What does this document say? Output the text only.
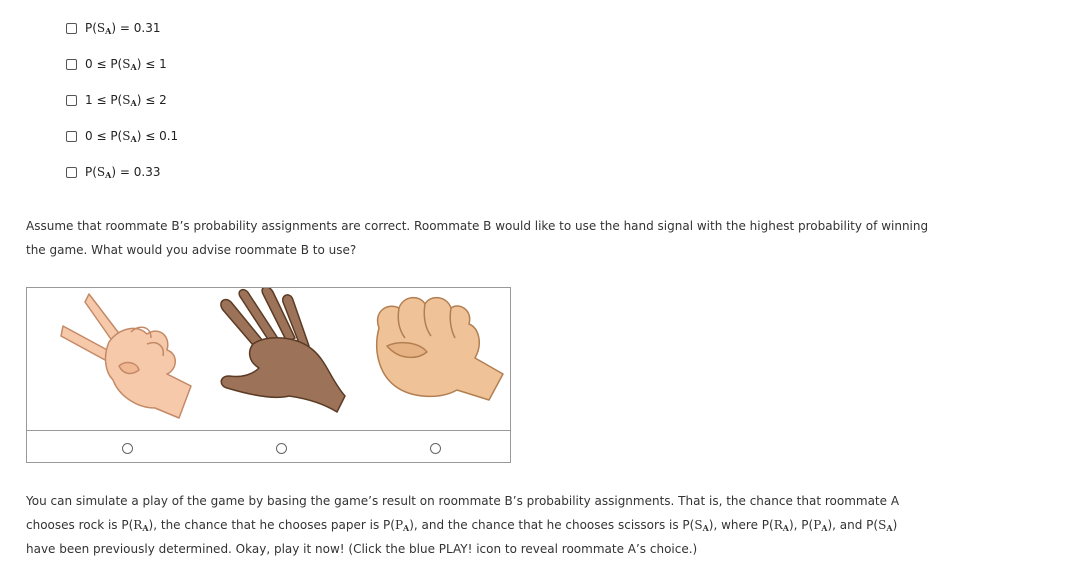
$P(S_A) = 0.31$
$0 \le P(S_A) \le 1$
$1 \le P(S_A) \le 2$
$0 \le P(S_A) \le 0.1$
$P(S_A) = 0.33$
Assume that roommate B’s probability assignments are correct. Roommate B would like to use the hand signal with the highest probability of winning
the game. What would you advise roommate B to use?
You can simulate a play of the game by basing the game’s result on roommate B’s probability assignments. That is, the chance that roommate A
chooses rock is $P(R_A)$, the chance that he chooses paper is $P(P_A)$, and the chance that he chooses scissors is $P(S_A)$, where $P(R_A)$, $P(P_A)$, and $P(S_A)$
have been previously determined. Okay, play it now! (Click the blue PLAY! icon to reveal roommate A’s choice.)
